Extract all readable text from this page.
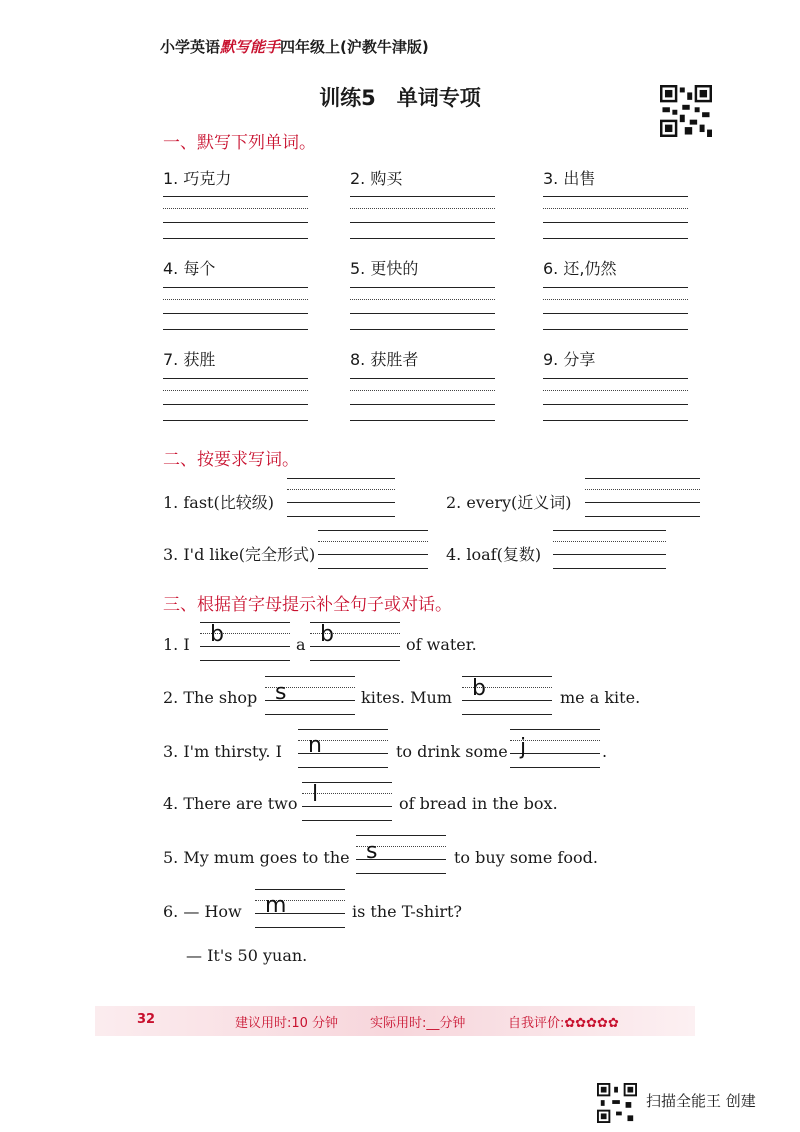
小学英语默写能手四年级上(沪教牛津版)
训练5　单词专项
一、默写下列单词。
1. 巧克力	2. 购买	3. 出售
4. 每个	5. 更快的	6. 还,仍然
7. 获胜	8. 获胜者	9. 分享
二、按要求写词。
1. fast(比较级)	2. every(近义词)
3. I'd like(完全形式)	4. loaf(复数)
三、根据首字母提示补全句子或对话。
1. I b	a b	of water.
2. The shop s	kites. Mum b	me a kite.
3. I'm thirsty. I n	to drink some j	.
4. There are two l	of bread in the box.
5. My mum goes to the s	to buy some food.
6. — How m	is the T-shirt?
— It's 50 yuan.
32	建议用时:10 分钟 实际用时:__分钟	自我评价:✿✿✿✿✿
扫描全能王 创建
